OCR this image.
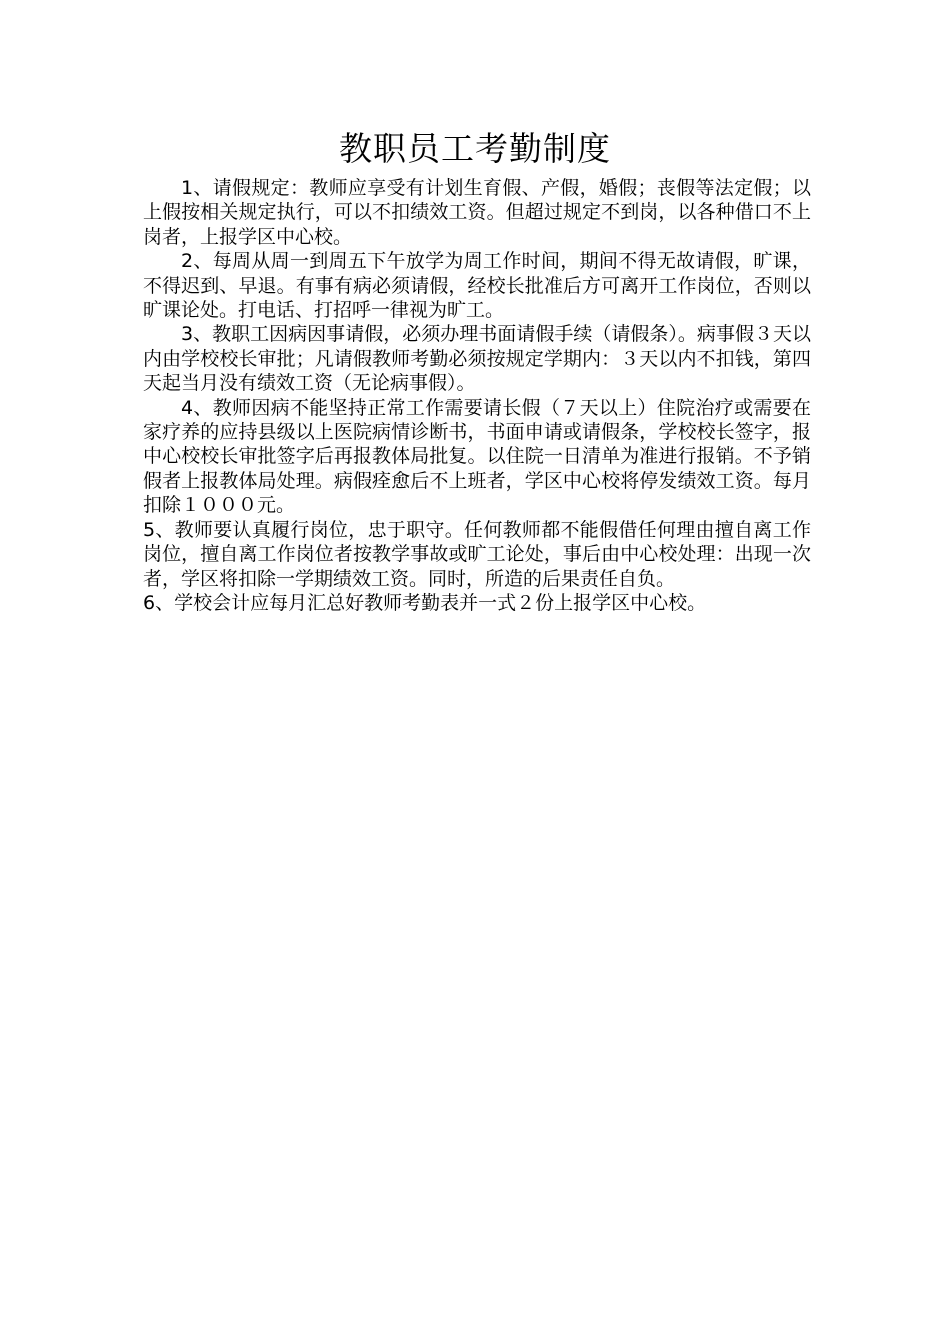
教职员工考勤制度

1、请假规定：教师应享受有计划生育假、产假，婚假；丧假等法定假；以上假按相关规定执行，可以不扣绩效工资。但超过规定不到岗，以各种借口不上岗者，上报学区中心校。

2、每周从周一到周五下午放学为周工作时间，期间不得无故请假，旷课，不得迟到、早退。有事有病必须请假，经校长批准后方可离开工作岗位，否则以旷课论处。打电话、打招呼一律视为旷工。

3、教职工因病因事请假，必须办理书面请假手续（请假条）。病事假３天以内由学校校长审批；凡请假教师考勤必须按规定学期内：３天以内不扣钱，第四天起当月没有绩效工资（无论病事假）。

4、教师因病不能坚持正常工作需要请长假（７天以上）住院治疗或需要在家疗养的应持县级以上医院病情诊断书，书面申请或请假条，学校校长签字，报中心校校长审批签字后再报教体局批复。以住院一日清单为准进行报销。不予销假者上报教体局处理。病假痊愈后不上班者，学区中心校将停发绩效工资。每月扣除１０００元。

5、教师要认真履行岗位，忠于职守。任何教师都不能假借任何理由擅自离工作岗位，擅自离工作岗位者按教学事故或旷工论处，事后由中心校处理：出现一次者，学区将扣除一学期绩效工资。同时，所造的后果责任自负。

6、学校会计应每月汇总好教师考勤表并一式２份上报学区中心校。
